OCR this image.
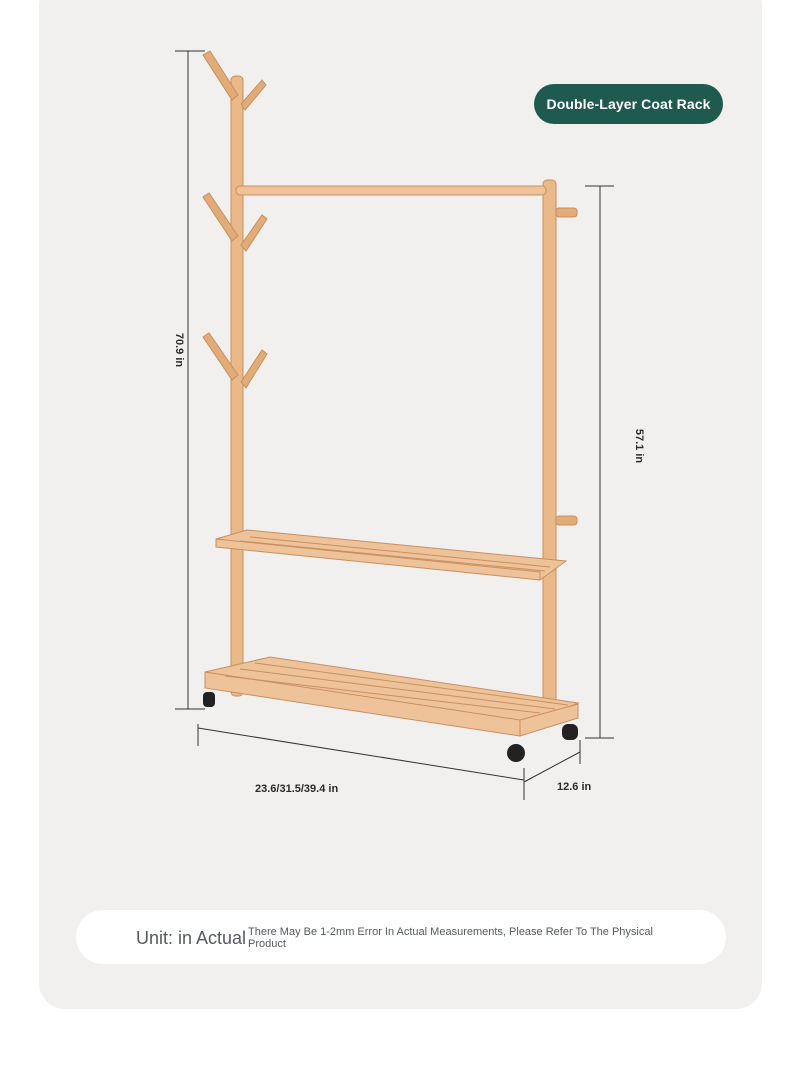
Double-Layer Coat Rack
70.9 in
57.1 in
23.6/31.5/39.4 in	12.6 in
Unit: in Actual There May Be 1-2mm Error In Actual Measurements, Please Refer To The Physical Product
